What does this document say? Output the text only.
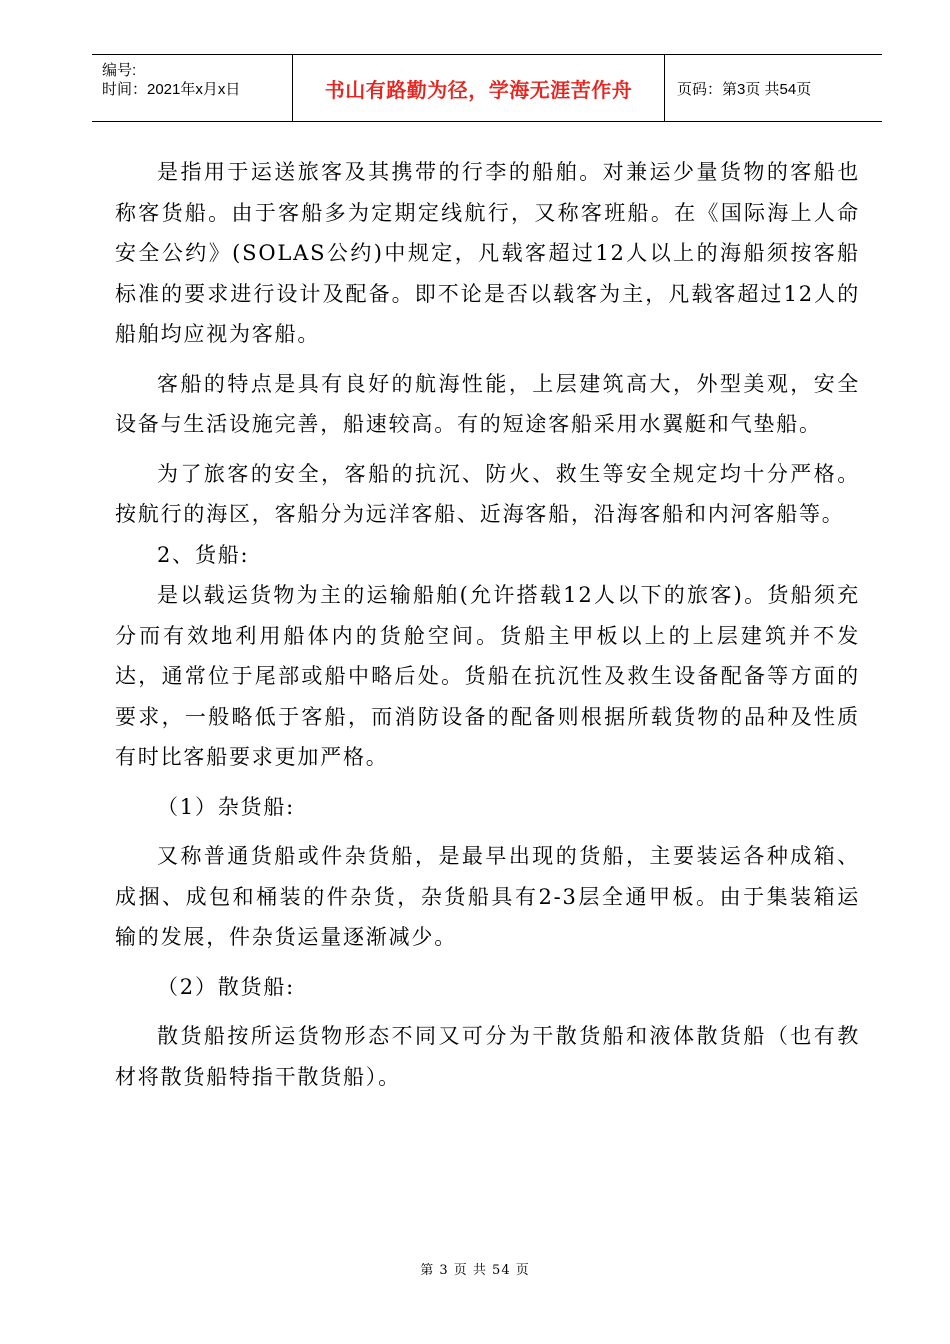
编号:
时间：2021年x月x日	书山有路勤为径，学海无涯苦作舟	页码：第3页 共54页

是指用于运送旅客及其携带的行李的船舶。对兼运少量货物的客船也称客货船。由于客船多为定期定线航行，又称客班船。在《国际海上人命安全公约》(SOLAS公约)中规定，凡载客超过12人以上的海船须按客船标准的要求进行设计及配备。即不论是否以载客为主，凡载客超过12人的船舶均应视为客船。

客船的特点是具有良好的航海性能，上层建筑高大，外型美观，安全设备与生活设施完善，船速较高。有的短途客船采用水翼艇和气垫船。

为了旅客的安全，客船的抗沉、防火、救生等安全规定均十分严格。按航行的海区，客船分为远洋客船、近海客船，沿海客船和内河客船等。

2、货船:

是以载运货物为主的运输船舶(允许搭载12人以下的旅客)。货船须充分而有效地利用船体内的货舱空间。货船主甲板以上的上层建筑并不发达，通常位于尾部或船中略后处。货船在抗沉性及救生设备配备等方面的要求，一般略低于客船，而消防设备的配备则根据所载货物的品种及性质有时比客船要求更加严格。

（1）杂货船:

又称普通货船或件杂货船，是最早出现的货船，主要装运各种成箱、成捆、成包和桶装的件杂货，杂货船具有2-3层全通甲板。由于集装箱运输的发展，件杂货运量逐渐减少。

（2）散货船:

散货船按所运货物形态不同又可分为干散货船和液体散货船（也有教材将散货船特指干散货船）。

第 3 页 共 54 页
